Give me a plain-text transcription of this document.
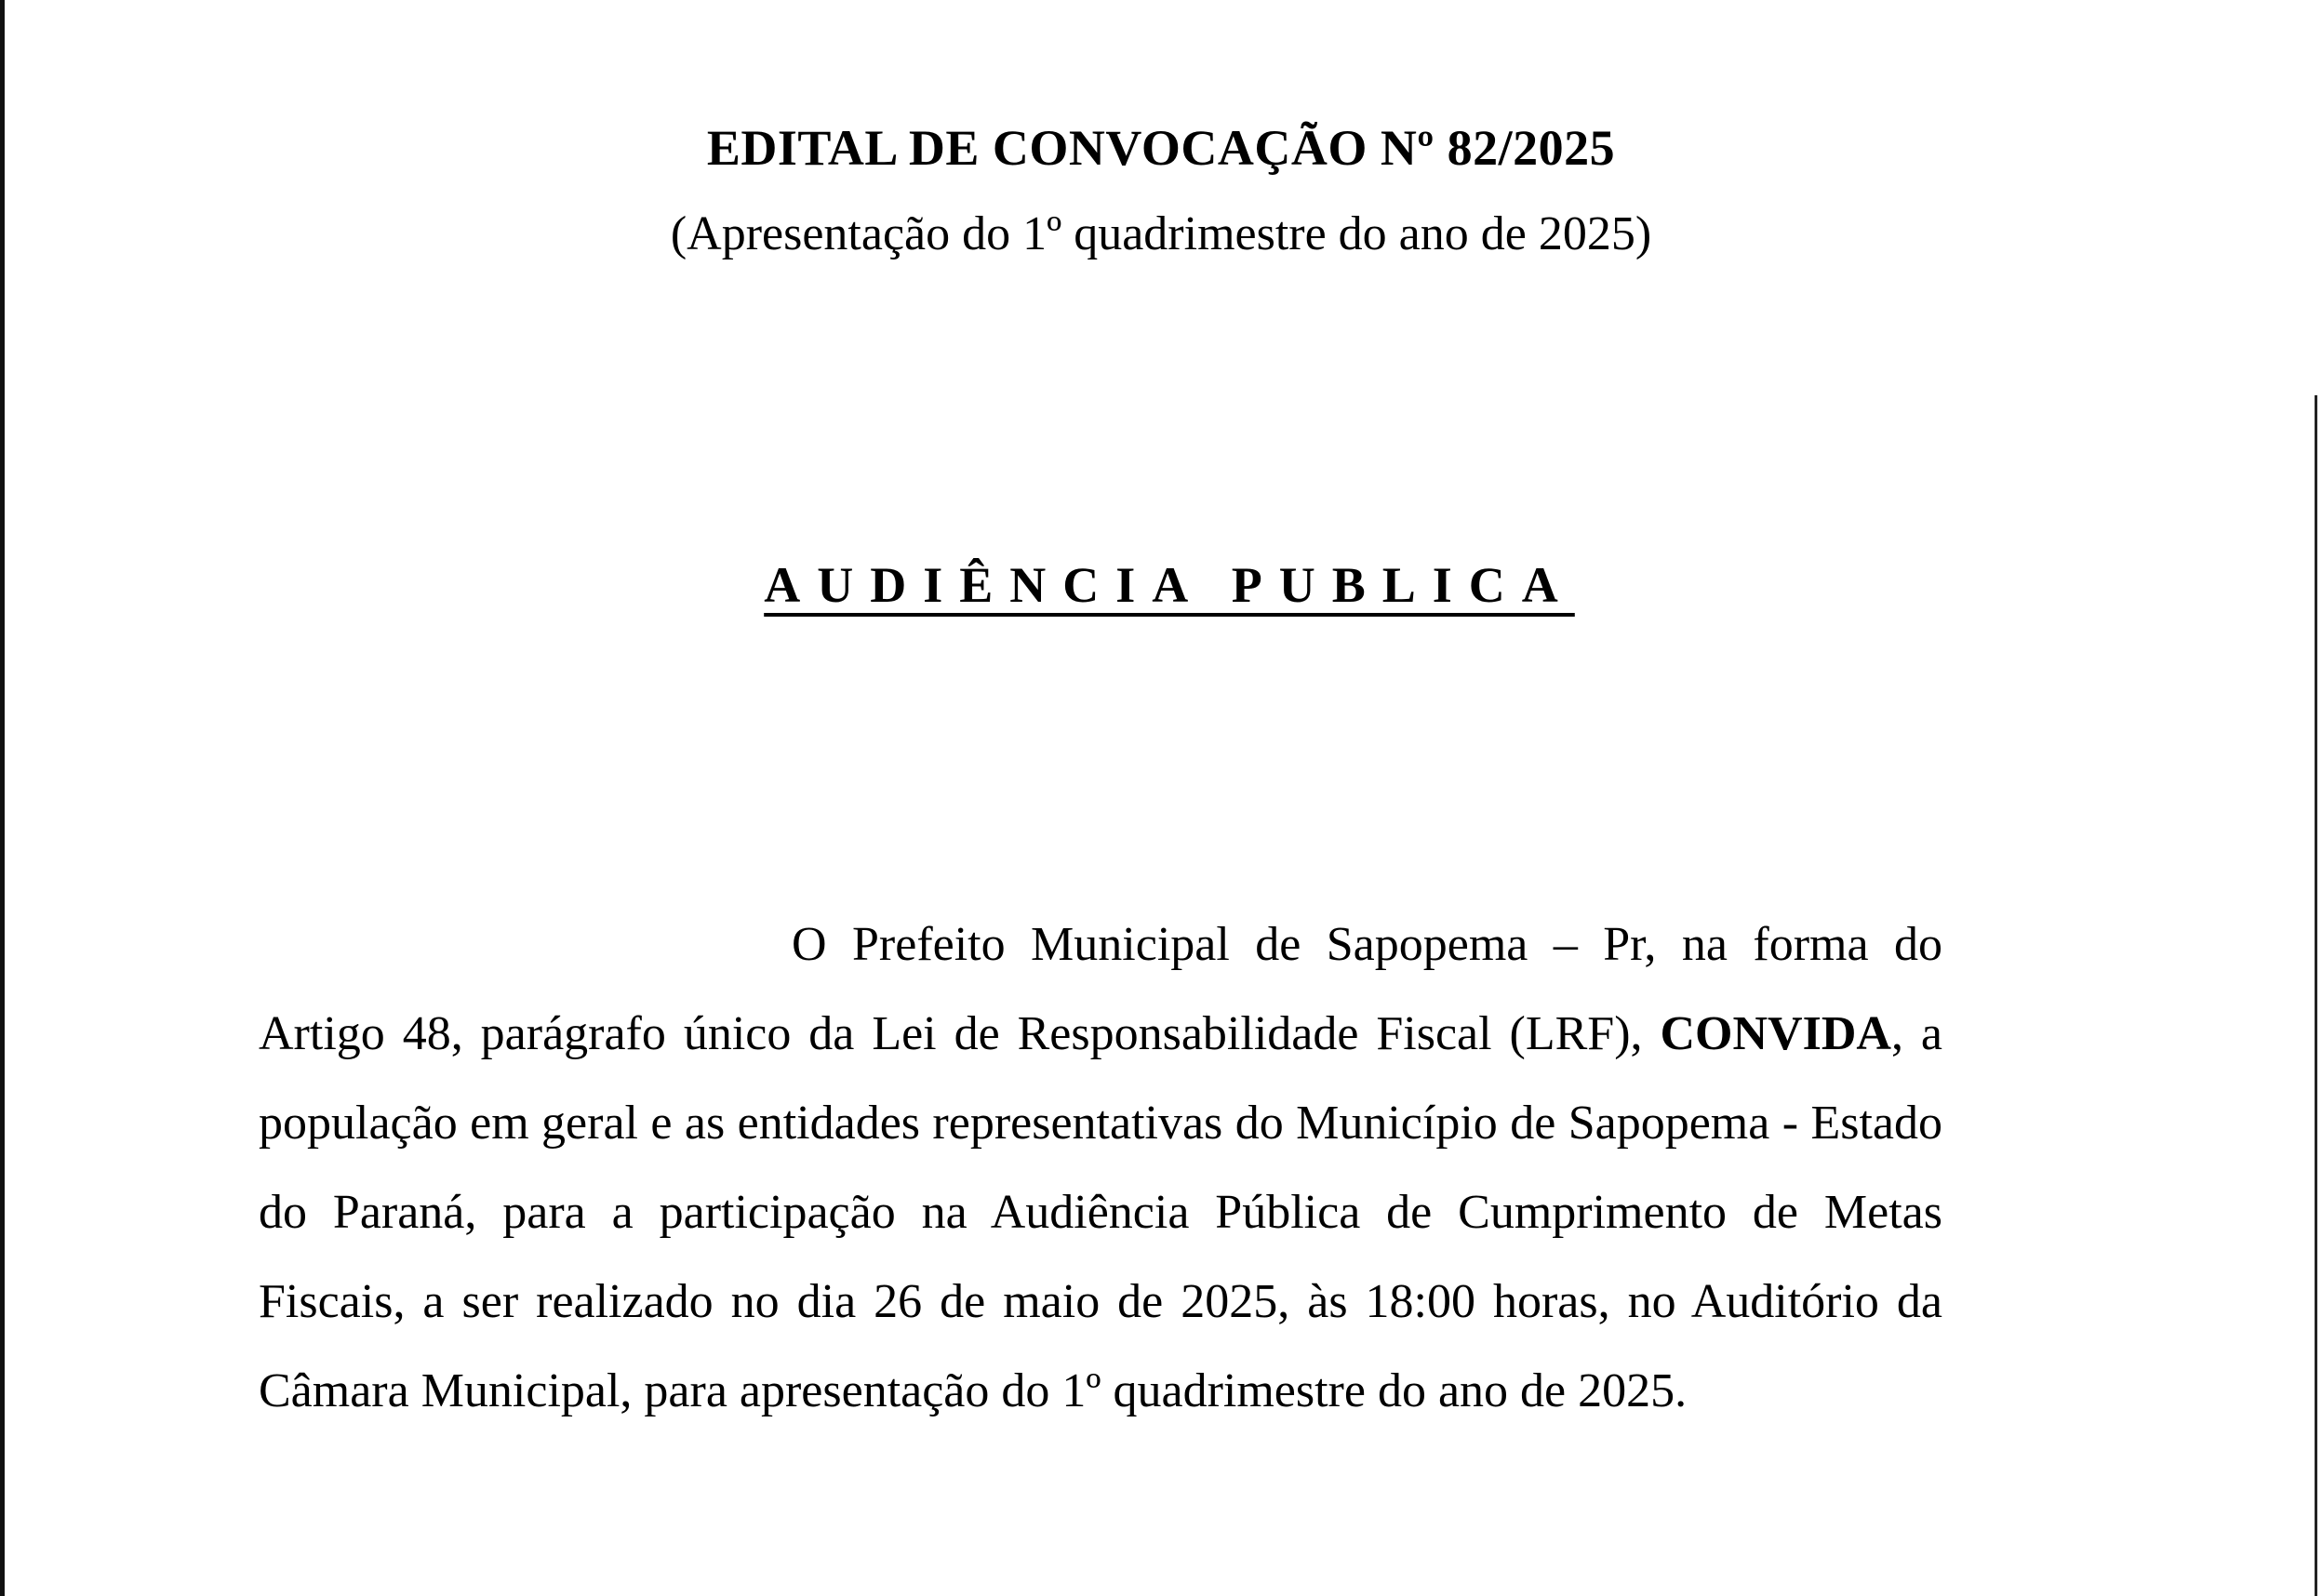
EDITAL DE CONVOCAÇÃO Nº 82/2025
(Apresentação do 1º quadrimestre do ano de 2025)
AUDIÊNCIA PUBLICA
O Prefeito Municipal de Sapopema – Pr, na forma do Artigo 48, parágrafo único da Lei de Responsabilidade Fiscal (LRF), CONVIDA, a população em geral e as entidades representativas do Município de Sapopema - Estado do Paraná, para a participação na Audiência Pública de Cumprimento de Metas Fiscais, a ser realizado no dia 26 de maio de 2025, às 18:00 horas, no Auditório da Câmara Municipal, para apresentação do 1º quadrimestre do ano de 2025.
